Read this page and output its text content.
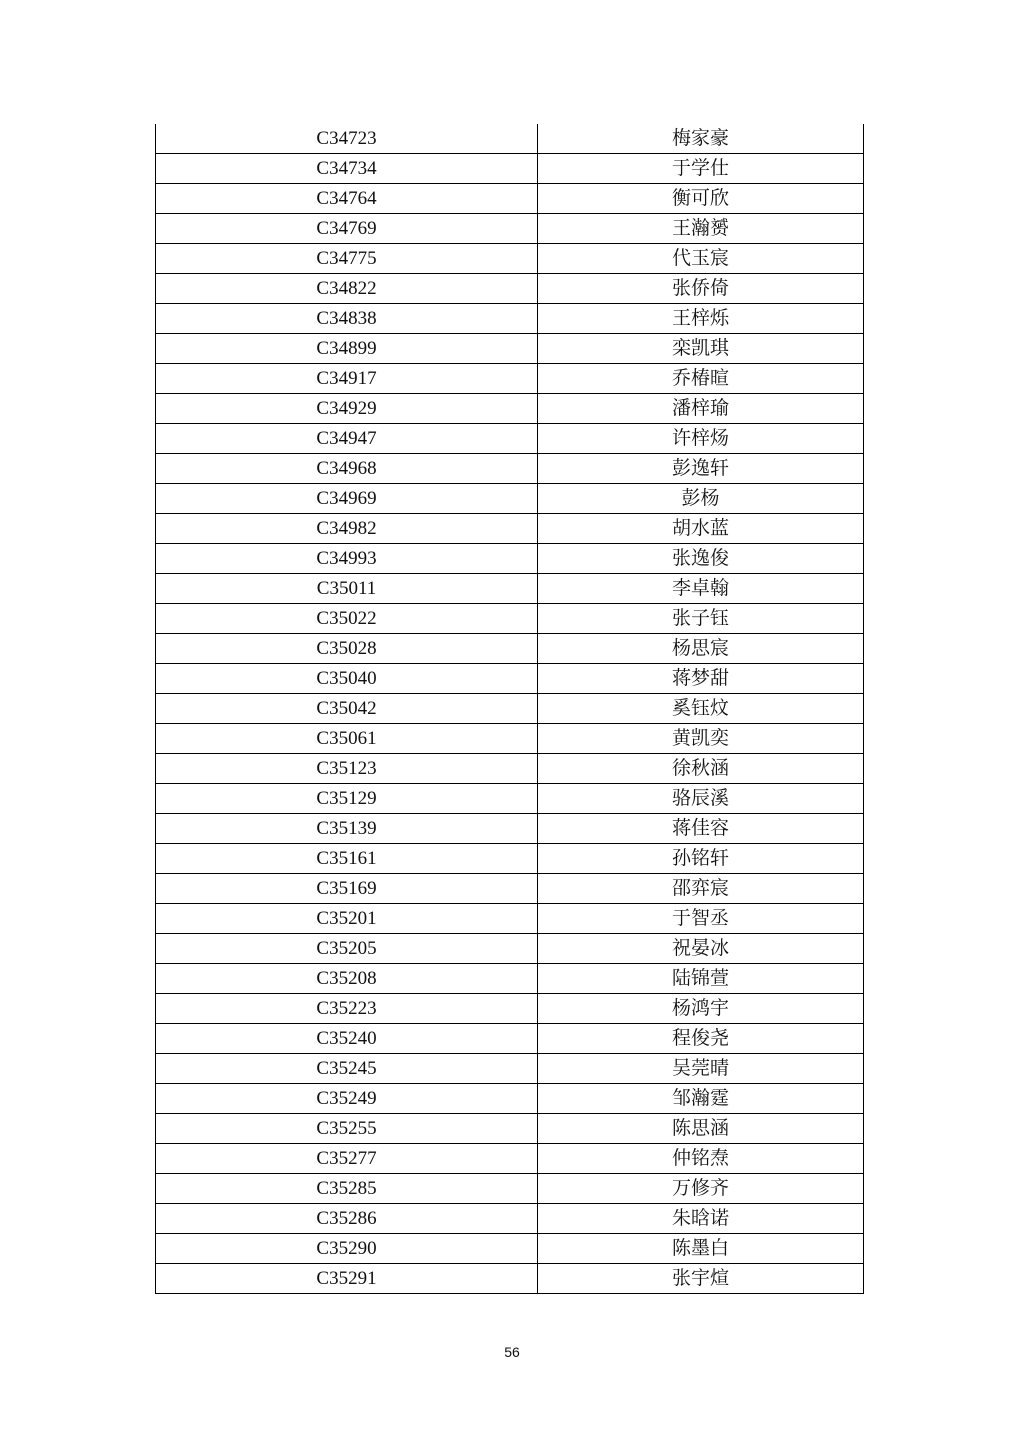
C34723	梅家豪
C34734	于学仕
C34764	衡可欣
C34769	王瀚赟
C34775	代玉宸
C34822	张侨倚
C34838	王梓烁
C34899	栾凯琪
C34917	乔椿暄
C34929	潘梓瑜
C34947	许梓炀
C34968	彭逸轩
C34969	彭杨
C34982	胡水蓝
C34993	张逸俊
C35011	李卓翰
C35022	张子钰
C35028	杨思宸
C35040	蒋梦甜
C35042	奚钰炆
C35061	黄凯奕
C35123	徐秋涵
C35129	骆辰溪
C35139	蒋佳容
C35161	孙铭轩
C35169	邵弈宸
C35201	于智丞
C35205	祝晏冰
C35208	陆锦萱
C35223	杨鸿宇
C35240	程俊尧
C35245	吴莞晴
C35249	邹瀚霆
C35255	陈思涵
C35277	仲铭焘
C35285	万修齐
C35286	朱晗诺
C35290	陈墨白
C35291	张宇煊
56
